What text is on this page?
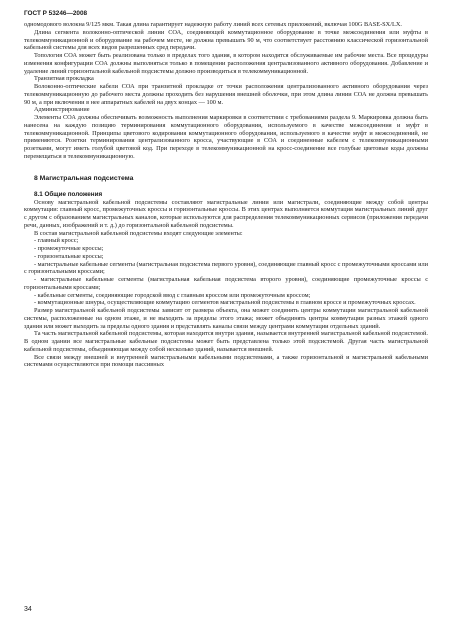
ГОСТ Р 53246—2008

одномодового волокна 9/125 мкм. Такая длина гарантирует надежную работу линий всех сетевых приложений, включая 100G BASE-SX/LX.

Длина сегмента волоконно-оптической линии СОА, соединяющей коммутационное оборудование в точке межсоединения или муфты в телекоммуникационной и оборудование на рабочем месте, не должна превышать 90 м, что соответствует расстоянию классической горизонтальной кабельной системы для всех видов разрешенных сред передачи.

Топология СОА может быть реализована только в пределах того здания, в котором находятся обслуживаемые им рабочие места. Все процедуры изменения конфигурации СОА должны выполняться только в помещении расположения централизованного активного оборудования. Добавление и удаление линий горизонтальной кабельной подсистемы должно производиться в телекоммуникационной.

Транзитная прокладка

Волоконно-оптические кабели СОА при транзитной прокладке от точки расположения централизованного активного оборудования через телекоммуникационную до рабочего места должны проходить без нарушения внешней оболочки, при этом длина линии СОА не должна превышать 90 м, а при включении в нее аппаратных кабелей на двух концах — 100 м.

Администрирование

Элементы СОА должны обеспечивать возможность выполнения маркировки в соответствии с требованиями раздела 9. Маркировка должна быть нанесена на каждую позицию терминирования коммутационного оборудования, используемого в качестве межсоединения и муфт в телекоммуникационной. Принципы цветового кодирования коммутационного оборудования, используемого в качестве муфт и межсоединений, не применяются. Розетки терминирования централизованного кросса, участвующие в СОА и соединенные кабелем с телекоммуникационными розетками, могут иметь голубой цветовой код. При переходе в телекоммуникационной на кросс-соединение все голубые цветовые коды должны перемещаться в телекоммуникационную.

8 Магистральная подсистема
8.1 Общие положения

Основу магистральной кабельной подсистемы составляют магистральные линии или магистрали, соединяющие между собой центры коммутации: главный кросс, промежуточных кроссы и горизонтальные кроссы. В этих центрах выполняется коммутация магистральных линий друг с другом с образованием магистральных каналов, которые используются для распределения телекоммуникационных сервисов (приложения передачи речи, данных, изображений и т. д.) до горизонтальной кабельной подсистемы.

В состав магистральной кабельной подсистемы входят следующие элементы:

- главный кросс;

- промежуточные кроссы;

- горизонтальные кроссы;

- магистральные кабельные сегменты (магистральная подсистема первого уровня), соединяющие главный кросс с промежуточными кроссами или с горизонтальными кроссами;

- магистральные кабельные сегменты (магистральная кабельная подсистема второго уровня), соединяющие промежуточные кроссы с горизонтальными кроссами;

- кабельные сегменты, соединяющие городской ввод с главным кроссом или промежуточным кроссом;

- коммутационные шнуры, осуществляющие коммутацию сегментов магистральной подсистемы в главном кроссе и промежуточных кроссах.

Размер магистральной кабельной подсистемы зависит от размера объекта, она может соединять центры коммутации магистральной кабельной системы, расположенные на одном этаже, и не выходить за пределы этого этажа; может объединять центры коммутации разных этажей одного здания или может выходить за пределы одного здания и представлять каналы связи между центрами коммутации отдельных зданий.

Та часть магистральной кабельной подсистемы, которая находится внутри здания, называется внутренней магистральной кабельной подсистемой. В одном здании все магистральные кабельные подсистемы может быть представлена только этой подсистемой. Другая часть магистральной кабельной подсистемы, объединяющая между собой несколько зданий, называется внешней.

Все связи между внешней и внутренней магистральными кабельными подсистемами, а также горизонтальной и магистральной кабельными системами осуществляются при помощи пассивных

34
